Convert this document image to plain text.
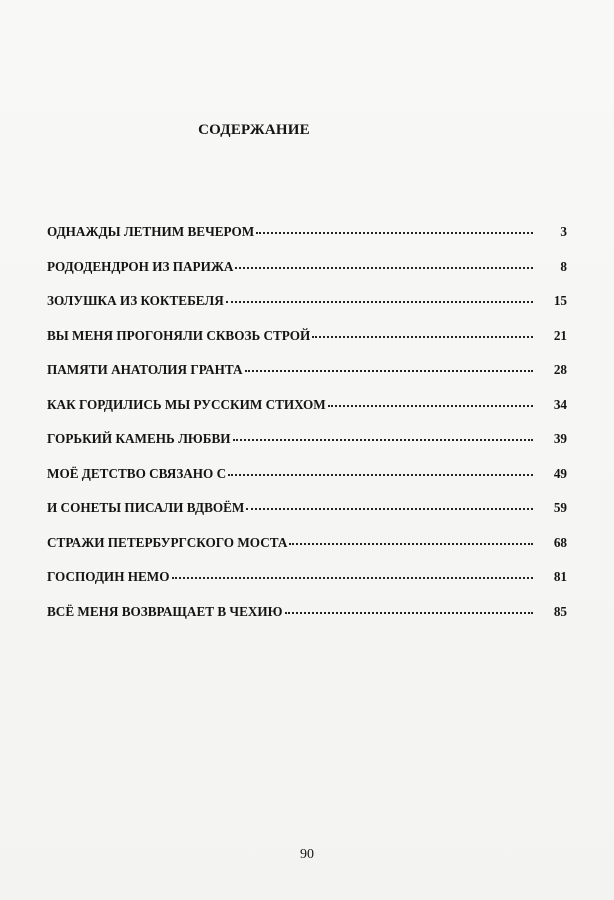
СОДЕРЖАНИЕ
ОДНАЖДЫ ЛЕТНИМ ВЕЧЕРОМ	3
РОДОДЕНДРОН ИЗ ПАРИЖА	8
ЗОЛУШКА ИЗ КОКТЕБЕЛЯ	15
ВЫ МЕНЯ ПРОГОНЯЛИ СКВОЗЬ СТРОЙ	21
ПАМЯТИ АНАТОЛИЯ ГРАНТА	28
КАК ГОРДИЛИСЬ МЫ РУССКИМ СТИХОМ	34
ГОРЬКИЙ КАМЕНЬ ЛЮБВИ	39
МОЁ ДЕТСТВО СВЯЗАНО С	49
И СОНЕТЫ ПИСАЛИ ВДВОЁМ	59
СТРАЖИ ПЕТЕРБУРГСКОГО МОСТА	68
ГОСПОДИН НЕМО	81
ВСЁ МЕНЯ ВОЗВРАЩАЕТ В ЧЕХИЮ	85
90
